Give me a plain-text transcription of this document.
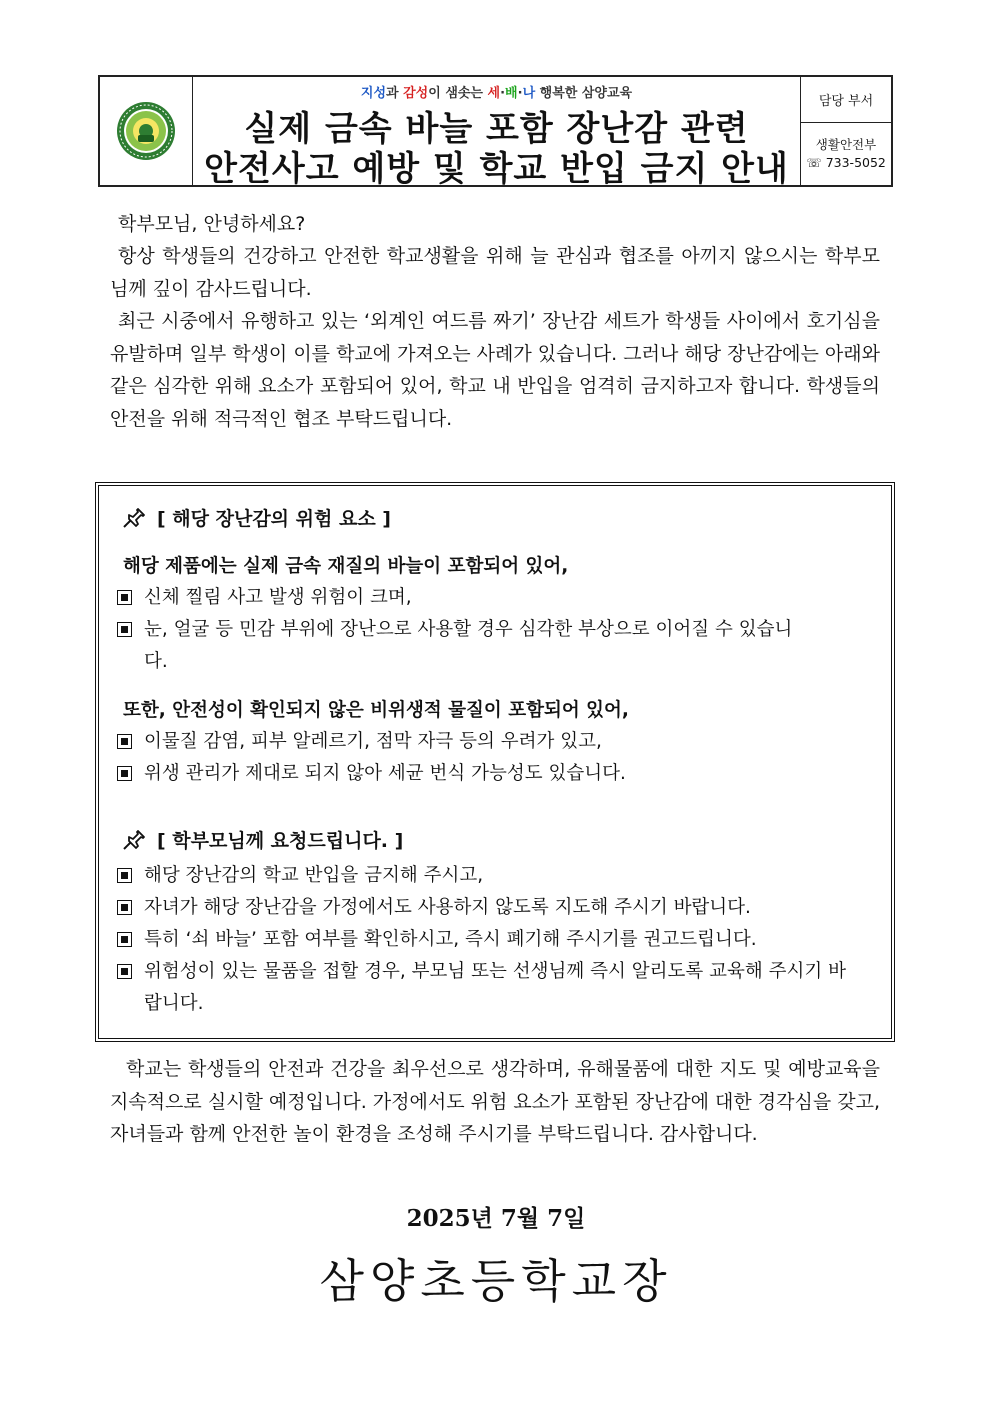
지성과 감성이 샘솟는 세·배·나 행복한 삼양교육
실제 금속 바늘 포함 장난감 관련
안전사고 예방 및 학교 반입 금지 안내
담당 부서
생활안전부
☏ 733-5052
학부모님, 안녕하세요?
항상 학생들의 건강하고 안전한 학교생활을 위해 늘 관심과 협조를 아끼지 않으시는 학부모님께 깊이 감사드립니다.
최근 시중에서 유행하고 있는 ‘외계인 여드름 짜기’ 장난감 세트가 학생들 사이에서 호기심을 유발하며 일부 학생이 이를 학교에 가져오는 사례가 있습니다. 그러나 해당 장난감에는 아래와 같은 심각한 위해 요소가 포함되어 있어, 학교 내 반입을 엄격히 금지하고자 합니다. 학생들의 안전을 위해 적극적인 협조 부탁드립니다.
[ 해당 장난감의 위험 요소 ]
해당 제품에는 실제 금속 재질의 바늘이 포함되어 있어,
신체 찔림 사고 발생 위험이 크며,
눈, 얼굴 등 민감 부위에 장난으로 사용할 경우 심각한 부상으로 이어질 수 있습니다.
또한, 안전성이 확인되지 않은 비위생적 물질이 포함되어 있어,
이물질 감염, 피부 알레르기, 점막 자극 등의 우려가 있고,
위생 관리가 제대로 되지 않아 세균 번식 가능성도 있습니다.
[ 학부모님께 요청드립니다. ]
해당 장난감의 학교 반입을 금지해 주시고,
자녀가 해당 장난감을 가정에서도 사용하지 않도록 지도해 주시기 바랍니다.
특히 ‘쇠 바늘’ 포함 여부를 확인하시고, 즉시 폐기해 주시기를 권고드립니다.
위험성이 있는 물품을 접할 경우, 부모님 또는 선생님께 즉시 알리도록 교육해 주시기 바랍니다.
학교는 학생들의 안전과 건강을 최우선으로 생각하며, 유해물품에 대한 지도 및 예방교육을 지속적으로 실시할 예정입니다. 가정에서도 위험 요소가 포함된 장난감에 대한 경각심을 갖고, 자녀들과 함께 안전한 놀이 환경을 조성해 주시기를 부탁드립니다. 감사합니다.
2025년 7월 7일
삼양초등학교장
